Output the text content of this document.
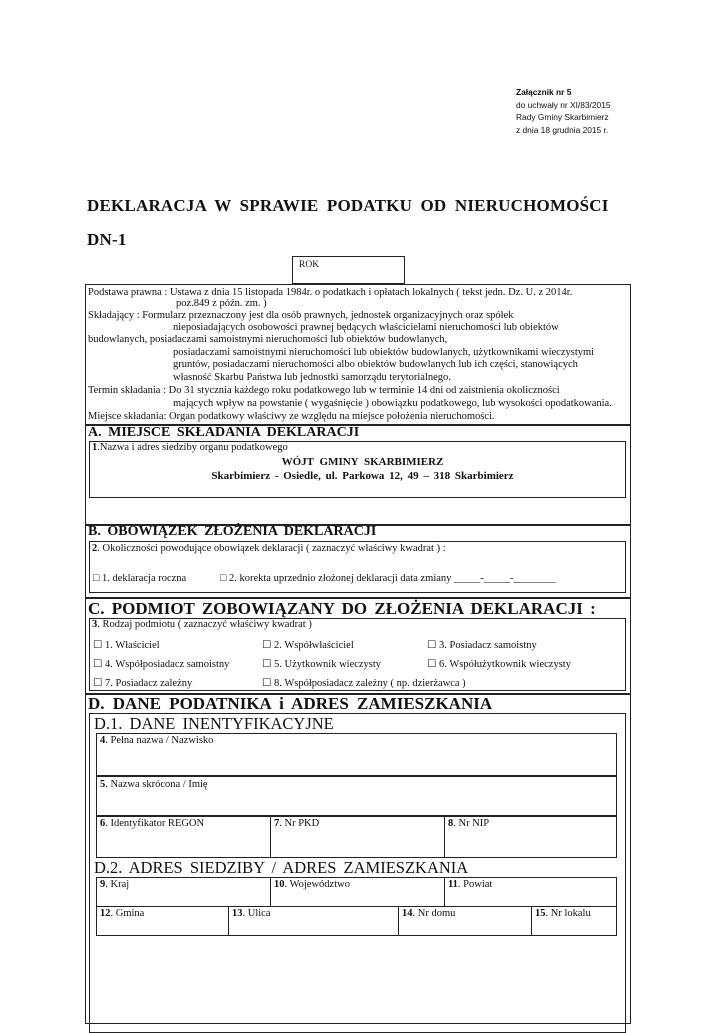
Załącznik nr 5
do uchwały nr XI/83/2015
Rady Gminy Skarbimierz
z dnia 18 grudnia 2015 r.
DEKLARACJA W SPRAWIE PODATKU OD NIERUCHOMOŚCI
DN-1
ROK
Podstawa prawna : Ustawa z dnia 15 listopada 1984r. o podatkach i opłatach lokalnych ( tekst jedn. Dz. U. z 2014r.
poz.849 z późn. zm. )
Składający : Formularz przeznaczony jest dla osób prawnych, jednostek organizacyjnych oraz spółek
nieposiadających osobowości prawnej będących właścicielami nieruchomości lub obiektów
budowlanych, posiadaczami samoistnymi nieruchomości lub obiektów budowlanych,
posiadaczami samoistnymi nieruchomości lub obiektów budowlanych, użytkownikami wieczystymi
gruntów, posiadaczami nieruchomości albo obiektów budowlanych lub ich części, stanowiących
własność Skarbu Państwa lub jednostki samorządu terytorialnego.
Termin składania : Do 31 stycznia każdego roku podatkowego lub w terminie 14 dni od zaistnienia okoliczności
mających wpływ na powstanie ( wygaśnięcie ) obowiązku podatkowego, lub wysokości opodatkowania.
Miejsce składania: Organ podatkowy właściwy ze względu na miejsce położenia nieruchomości.
A. MIEJSCE SKŁADANIA DEKLARACJI
1.Nazwa i adres siedziby organu podatkowego
WÓJT GMINY SKARBIMIERZ
Skarbimierz - Osiedle, ul. Parkowa 12, 49 – 318 Skarbimierz
B. OBOWIĄZEK ZŁOŻENIA DEKLARACJI
2. Okoliczności powodujące obowiązek deklaracji ( zaznaczyć właściwy kwadrat ) :
□ 1. deklaracja rocznа	□ 2. korekta uprzednio złożonej deklaracji data zmiany _____-_____-________
C. PODMIOT ZOBOWIĄZANY DO ZŁOŻENIA DEKLARACJI :
3. Rodzaj podmiotu ( zaznaczyć właściwy kwadrat )
☐ 1. Właściciel	☐ 2. Współwłaściciel	☐ 3. Posiadacz samoistny
☐ 4. Współposiadacz samoistny	☐ 5. Użytkownik wieczysty	☐ 6. Współużytkownik wieczysty
☐ 7. Posiadacz zależny	☐ 8. Współposiadacz zależny ( np. dzierżawca )
D. DANE PODATNIKA i ADRES ZAMIESZKANIA
D.1. DANE INENTYFIKACYJNE
4. Pełna nazwa / Nazwisko
5. Nazwa skrócona / Imię
6. Identyfikator REGON	7. Nr PKD	8. Nr NIP
D.2. ADRES SIEDZIBY / ADRES ZAMIESZKANIA
9. Kraj	10. Województwo	11. Powiat
12. Gmina	13. Ulica	14. Nr domu	15. Nr lokalu
